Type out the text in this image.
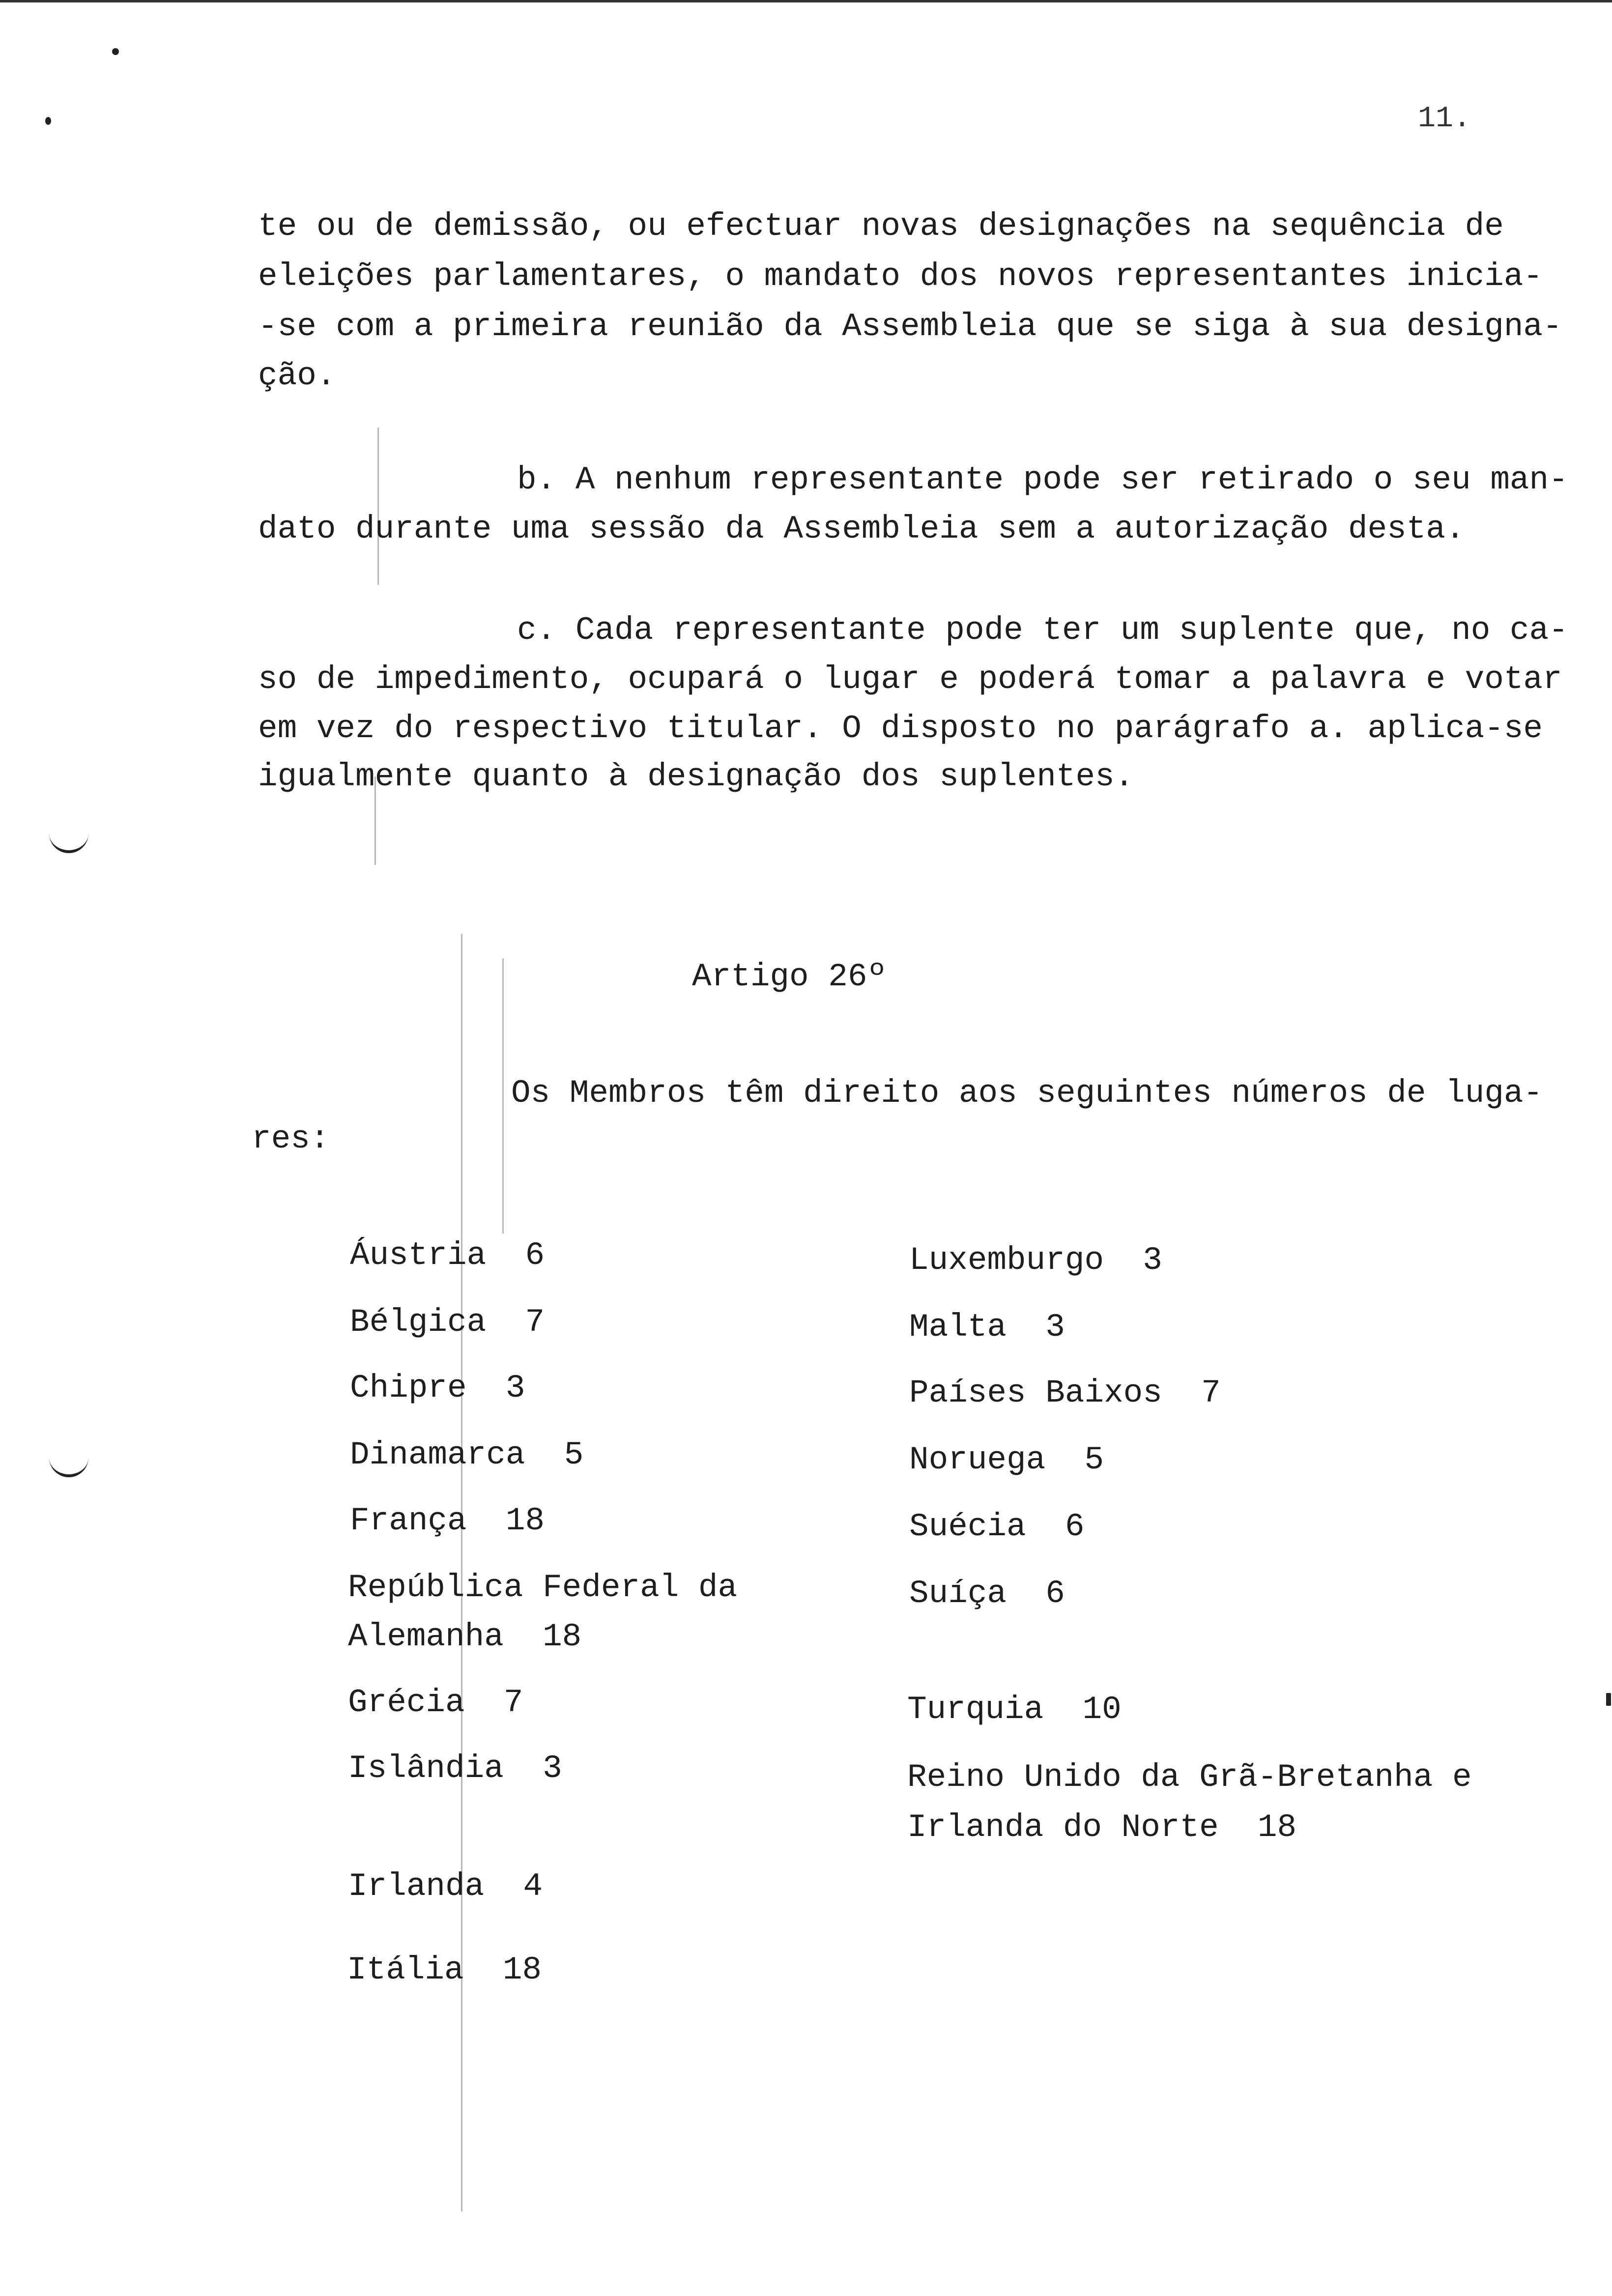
11.
te ou de demissão, ou efectuar novas designações na sequência de
eleições parlamentares, o mandato dos novos representantes inicia-
-se com a primeira reunião da Assembleia que se siga à sua designa-
ção.
b. A nenhum representante pode ser retirado o seu man-
dato durante uma sessão da Assembleia sem a autorização desta.
c. Cada representante pode ter um suplente que, no ca-
so de impedimento, ocupará o lugar e poderá tomar a palavra e votar
em vez do respectivo titular. O disposto no parágrafo a. aplica-se
igualmente quanto à designação dos suplentes.
Artigo 26º
Os Membros têm direito aos seguintes números de luga-
res:
Áustria 6
Bélgica 7
Chipre 3
Dinamarca 5
França 18
República Federal da
Alemanha 18
Grécia 7
Islândia 3
Irlanda 4
Itália 18
Luxemburgo 3
Malta 3
Países Baixos 7
Noruega 5
Suécia 6
Suíça 6
Turquia 10
Reino Unido da Grã-Bretanha e
Irlanda do Norte 18
